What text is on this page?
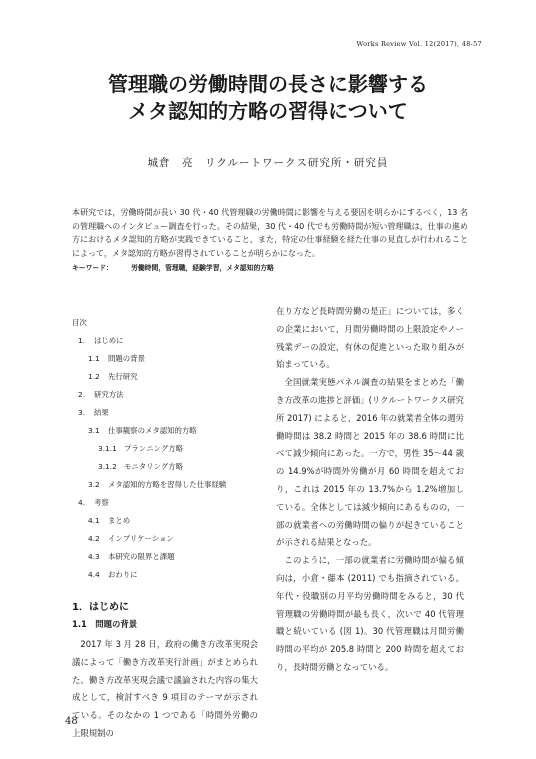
Works Review Vol. 12(2017), 48-57
管理職の労働時間の長さに影響する
メタ認知的方略の習得について
城倉　亮　リクルートワークス研究所・研究員
本研究では，労働時間が長い 30 代・40 代管理職の労働時間に影響を与える要因を明らかにするべく，13 名の管理職へのインタビュー調査を行った。その結果，30 代・40 代でも労働時間が短い管理職は，仕事の進め方におけるメタ認知的方略が実践できていること，また，特定の仕事経験を経た仕事の見直しが行われることによって，メタ認知的方略が習得されていることが明らかになった。
キーワード：	労働時間，管理職，経験学習，メタ認知的方略
目次
1. はじめに
1.1 問題の背景
1.2 先行研究
2. 研究方法
3. 結果
3.1 仕事観察のメタ認知的方略
3.1.1 プランニング方略
3.1.2 モニタリング方略
3.2 メタ認知的方略を習得した仕事経験
4. 考察
4.1 まとめ
4.2 インプリケーション
4.3 本研究の限界と課題
4.4 おわりに
1．はじめに
1.1　問題の背景

2017 年 3 月 28 日，政府の働き方改革実現会議によって「働き方改革実行計画」がまとめられた。働き方改革実現会議で議論された内容の集大成として，検討すべき 9 項目のテーマが示されている。そのなかの 1 つである「時間外労働の上限規制の

在り方など長時間労働の是正」については，多くの企業において，月間労働時間の上限設定やノー残業デーの設定，有休の促進といった取り組みが始まっている。

全国就業実態パネル調査の結果をまとめた「働き方改革の進捗と評価」(リクルートワークス研究所 2017) によると，2016 年の就業者全体の週労働時間は 38.2 時間と 2015 年の 38.6 時間に比べて減少傾向にあった。一方で，男性 35～44 歳の 14.9%が時間外労働が月 60 時間を超えており，これは 2015 年の 13.7%から 1.2%増加している。全体としては減少傾向にあるものの，一部の就業者への労働時間の偏りが起きていることが示される結果となった。

このように，一部の就業者に労働時間が偏る傾向は，小倉・藤本 (2011) でも指摘されている。年代・役職別の月平均労働時間をみると，30 代管理職の労働時間が最も長く，次いで 40 代管理職と続いている (図 1)。30 代管理職は月間労働時間の平均が 205.8 時間と 200 時間を超えており，長時間労働となっている。

48
